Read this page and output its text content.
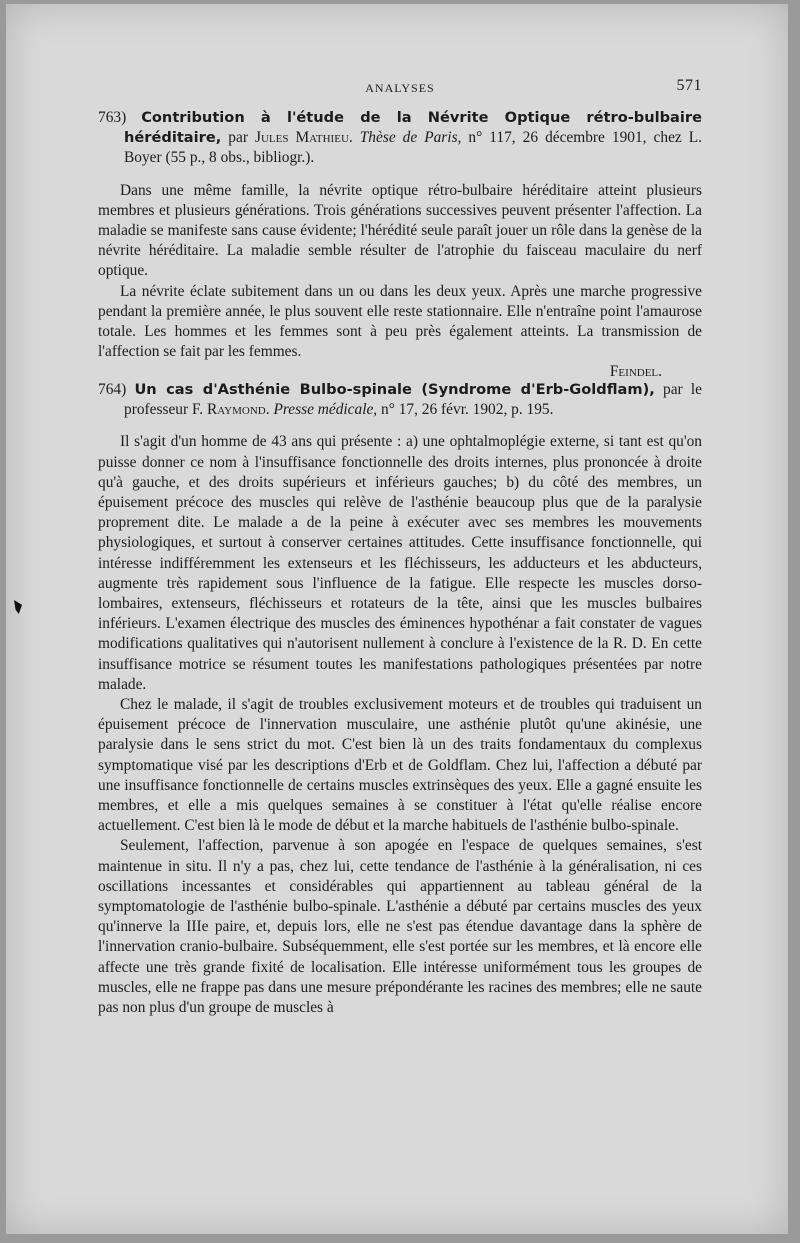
ANALYSES	571

763) Contribution à l'étude de la Névrite Optique rétro-bulbaire héréditaire, par Jules Mathieu. Thèse de Paris, n° 117, 26 décembre 1901, chez L. Boyer (55 p., 8 obs., bibliogr.).

Dans une même famille, la névrite optique rétro-bulbaire héréditaire atteint plusieurs membres et plusieurs générations. Trois générations successives peuvent présenter l'affection. La maladie se manifeste sans cause évidente; l'hérédité seule paraît jouer un rôle dans la genèse de la névrite héréditaire. La maladie semble résulter de l'atrophie du faisceau maculaire du nerf optique.

La névrite éclate subitement dans un ou dans les deux yeux. Après une marche progressive pendant la première année, le plus souvent elle reste stationnaire. Elle n'entraîne point l'amaurose totale. Les hommes et les femmes sont à peu près également atteints. La transmission de l'affection se fait par les femmes.

Feindel.

764) Un cas d'Asthénie Bulbo-spinale (Syndrome d'Erb-Goldflam), par le professeur F. Raymond. Presse médicale, n° 17, 26 févr. 1902, p. 195.

Il s'agit d'un homme de 43 ans qui présente : a) une ophtalmoplégie externe, si tant est qu'on puisse donner ce nom à l'insuffisance fonctionnelle des droits internes, plus prononcée à droite qu'à gauche, et des droits supérieurs et inférieurs gauches; b) du côté des membres, un épuisement précoce des muscles qui relève de l'asthénie beaucoup plus que de la paralysie proprement dite. Le malade a de la peine à exécuter avec ses membres les mouvements physiologiques, et surtout à conserver certaines attitudes. Cette insuffisance fonctionnelle, qui intéresse indifféremment les extenseurs et les fléchisseurs, les adducteurs et les abducteurs, augmente très rapidement sous l'influence de la fatigue. Elle respecte les muscles dorso-lombaires, extenseurs, fléchisseurs et rotateurs de la tête, ainsi que les muscles bulbaires inférieurs. L'examen électrique des muscles des éminences hypothénar a fait constater de vagues modifications qualitatives qui n'autorisent nullement à conclure à l'existence de la R. D. En cette insuffisance motrice se résument toutes les manifestations pathologiques présentées par notre malade.

Chez le malade, il s'agit de troubles exclusivement moteurs et de troubles qui traduisent un épuisement précoce de l'innervation musculaire, une asthénie plutôt qu'une akinésie, une paralysie dans le sens strict du mot. C'est bien là un des traits fondamentaux du complexus symptomatique visé par les descriptions d'Erb et de Goldflam. Chez lui, l'affection a débuté par une insuffisance fonctionnelle de certains muscles extrinsèques des yeux. Elle a gagné ensuite les membres, et elle a mis quelques semaines à se constituer à l'état qu'elle réalise encore actuellement. C'est bien là le mode de début et la marche habituels de l'asthénie bulbo-spinale.

Seulement, l'affection, parvenue à son apogée en l'espace de quelques semaines, s'est maintenue in situ. Il n'y a pas, chez lui, cette tendance de l'asthénie à la généralisation, ni ces oscillations incessantes et considérables qui appartiennent au tableau général de la symptomatologie de l'asthénie bulbo-spinale. L'asthénie a débuté par certains muscles des yeux qu'innerve la IIIe paire, et, depuis lors, elle ne s'est pas étendue davantage dans la sphère de l'innervation cranio-bulbaire. Subséquemment, elle s'est portée sur les membres, et là encore elle affecte une très grande fixité de localisation. Elle intéresse uniformément tous les groupes de muscles, elle ne frappe pas dans une mesure prépondérante les racines des membres; elle ne saute pas non plus d'un groupe de muscles à
